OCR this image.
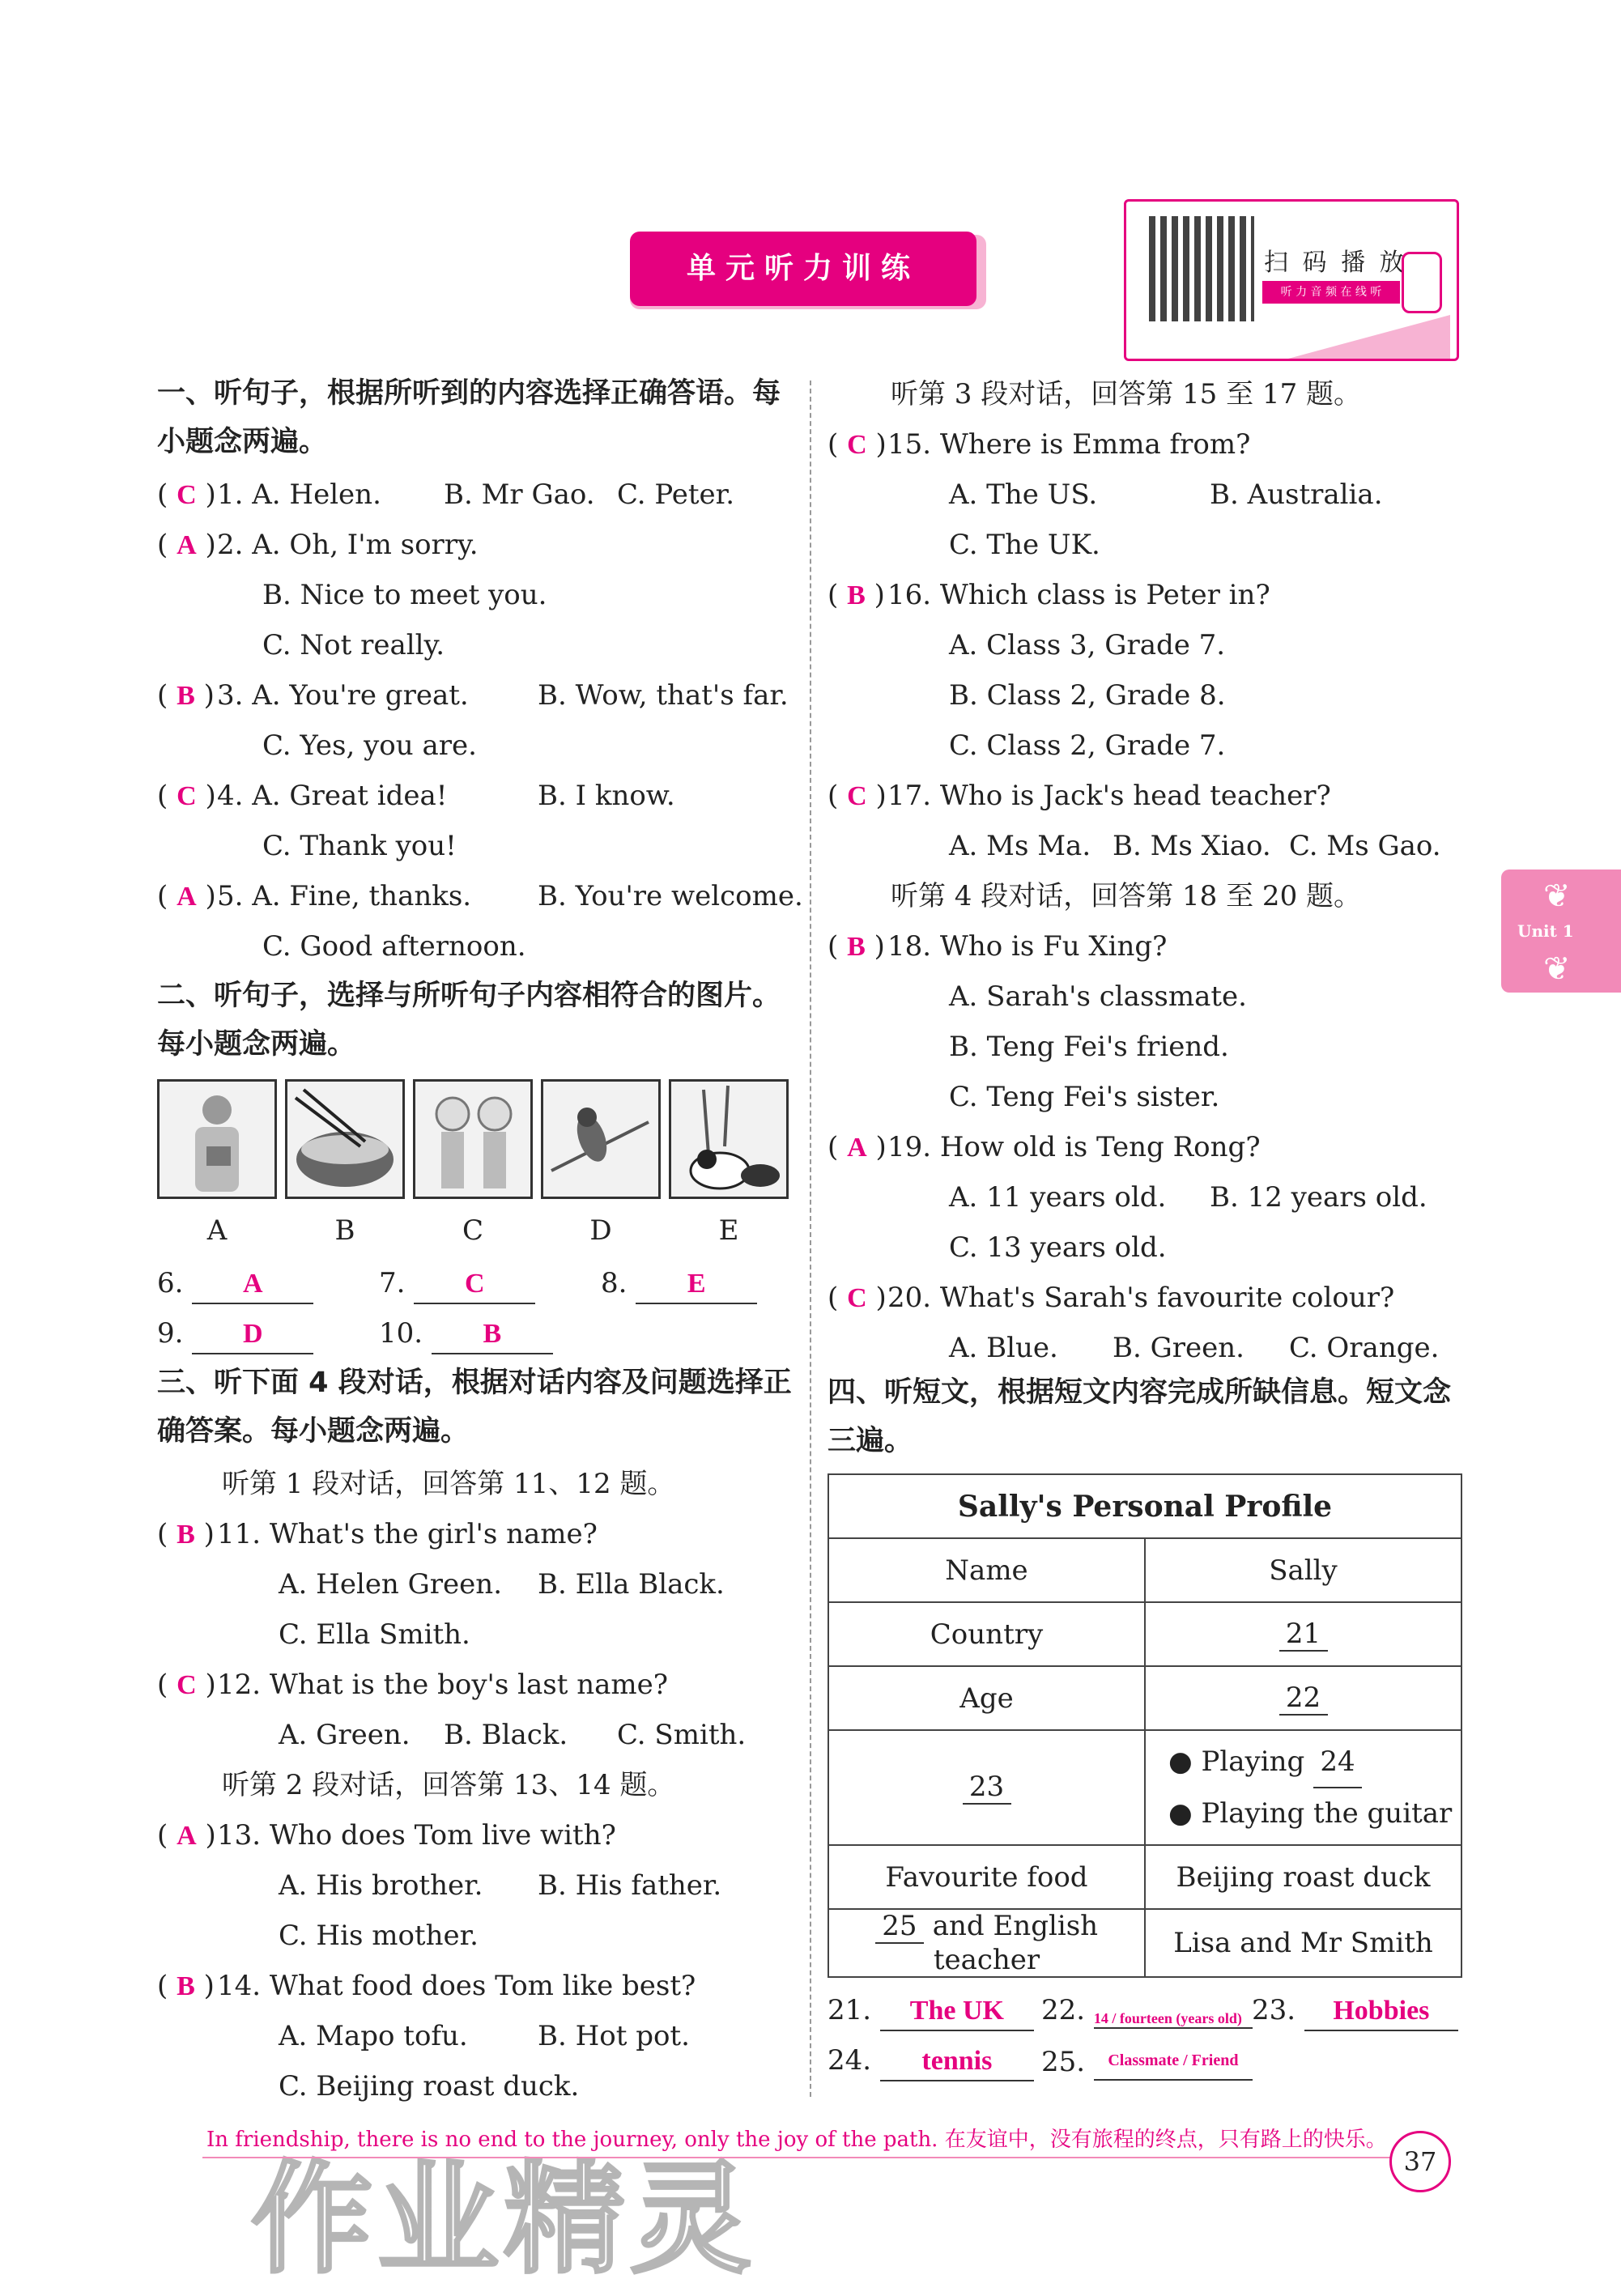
单元听力训练	扫 码 播 放
听 力 音 频 在 线 听
❦
Unit 1
❦
一、听句子，根据所听到的内容选择正确答语。每小题念两遍。
( C )1. A. Helen. B. Mr Gao. C. Peter.
( A )2. A. Oh, I'm sorry.
B. Nice to meet you.
C. Not really.
( B )3. A. You're great.	B. Wow, that's far.
C. Yes, you are.
( C )4. A. Great idea!	B. I know.
C. Thank you!
( A )5. A. Fine, thanks. B. You're welcome.
C. Good afternoon.
二、听句子，选择与所听句子内容相符合的图片。每小题念两遍。
A	B	C	D	E
6. A	7. C	8. E
9. D	10. B
三、听下面 4 段对话，根据对话内容及问题选择正确答案。每小题念两遍。
听第 1 段对话，回答第 11、12 题。
( B )11. What's the girl's name?
A. Helen Green. B. Ella Black.
C. Ella Smith.
( C )12. What is the boy's last name?
A. Green. B. Black. C. Smith.
听第 2 段对话，回答第 13、14 题。
( A )13. Who does Tom live with?
A. His brother. B. His father.
C. His mother.
( B )14. What food does Tom like best?
A. Mapo tofu.	B. Hot pot.
C. Beijing roast duck.
听第 3 段对话，回答第 15 至 17 题。
( C )15. Where is Emma from?
A. The US.	B. Australia.
C. The UK.
( B )16. Which class is Peter in?
A. Class 3, Grade 7.
B. Class 2, Grade 8.
C. Class 2, Grade 7.
( C )17. Who is Jack's head teacher?
A. Ms Ma. B. Ms Xiao. C. Ms Gao.
听第 4 段对话，回答第 18 至 20 题。
( B )18. Who is Fu Xing?
A. Sarah's classmate.
B. Teng Fei's friend.
C. Teng Fei's sister.
( A )19. How old is Teng Rong?
A. 11 years old. B. 12 years old.
C. 13 years old.
( C )20. What's Sarah's favourite colour?
A. Blue. B. Green. C. Orange.
四、听短文，根据短文内容完成所缺信息。短文念三遍。
Sally's Personal Profile	
Name	Sally
Country	21
Age	22
23	● Playing 24
● Playing the guitar

Favourite food	Beijing roast duck
25 and English teacher	Lisa and Mr Smith
21. The UK	22. 14 / fourteen (years old) 23. Hobbies
24. tennis	25. Classmate / Friend
作业精灵
In friendship, there is no end to the journey, only the joy of the path. 在友谊中，没有旅程的终点，只有路上的快乐。
37
